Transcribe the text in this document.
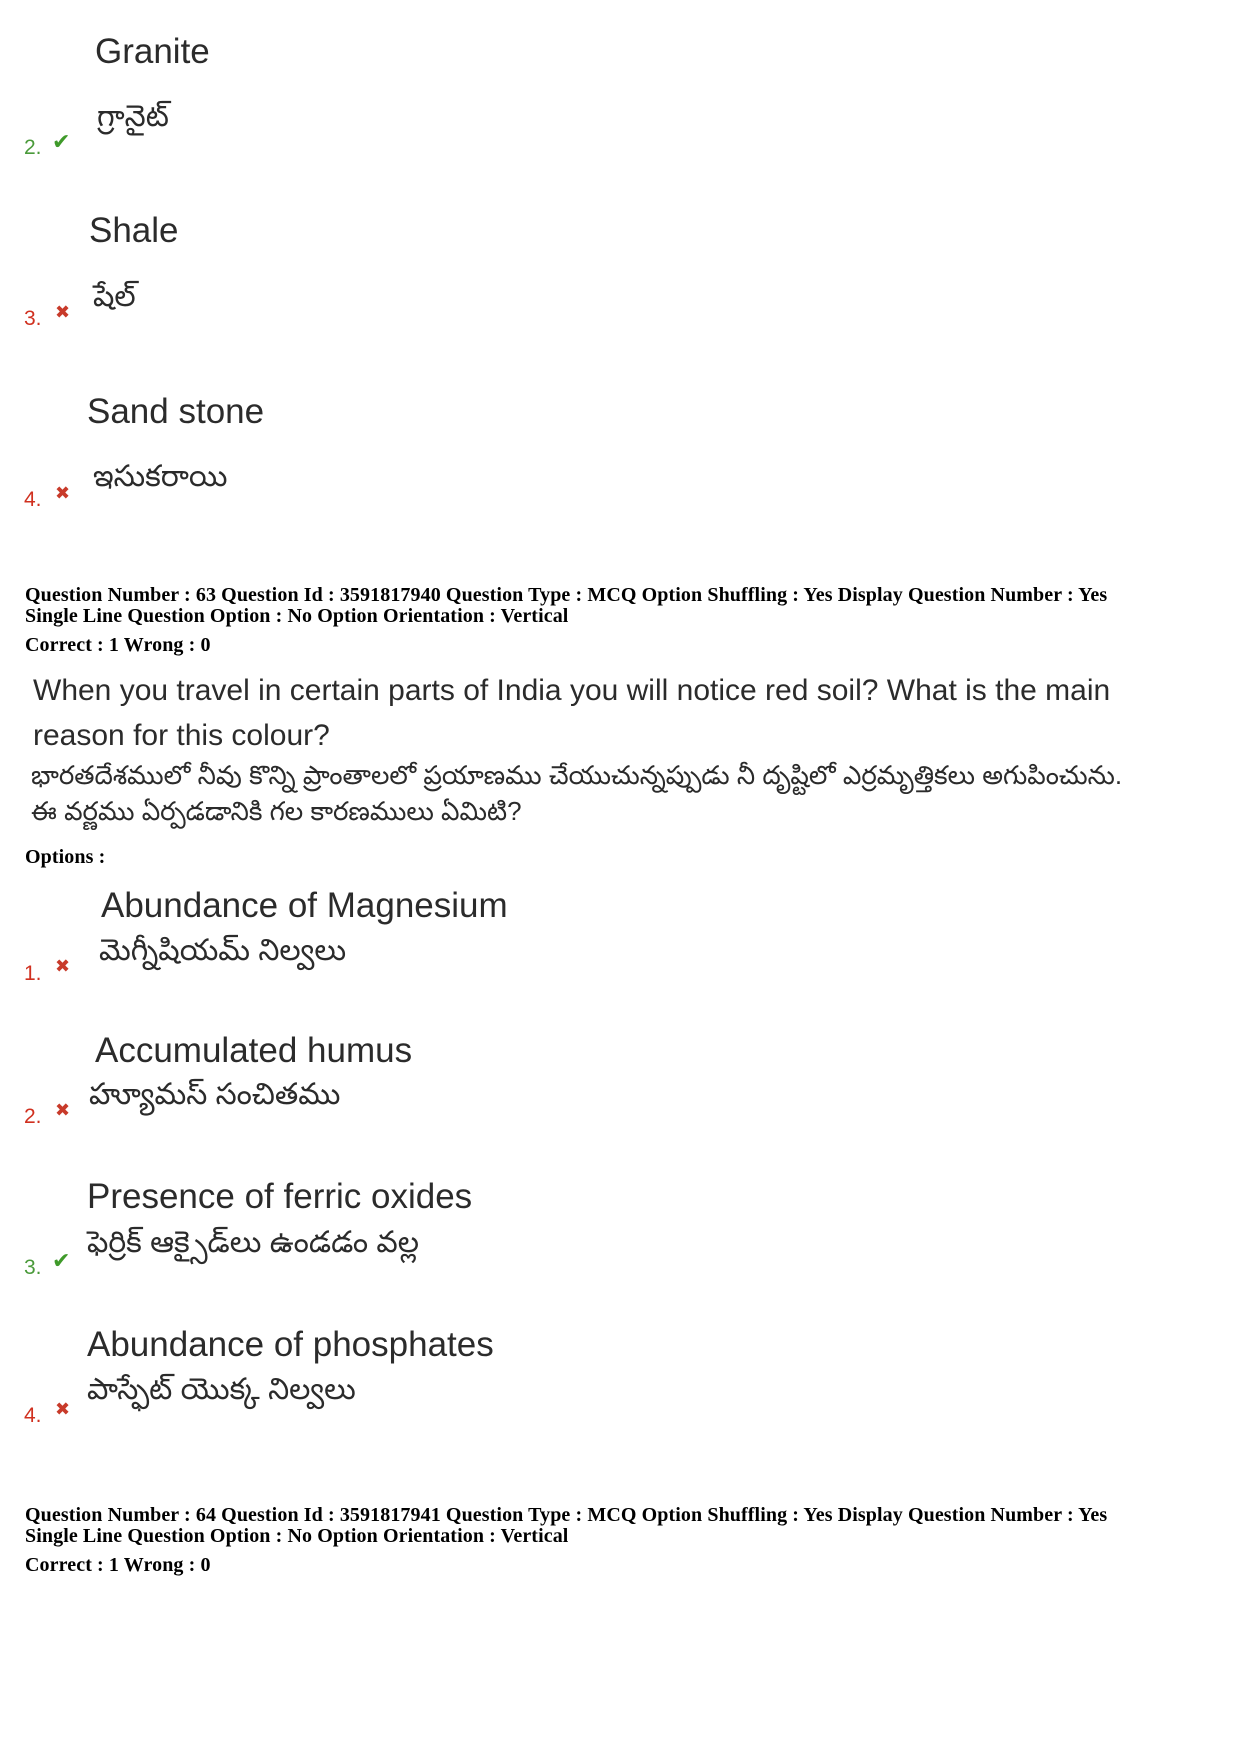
Granite
గ్రానైట్
2. ✔
Shale
షేల్
3. ✖
Sand stone
ఇసుకరాయి
4. ✖
Question Number : 63 Question Id : 3591817940 Question Type : MCQ Option Shuffling : Yes Display Question Number : Yes
Single Line Question Option : No Option Orientation : Vertical
Correct : 1 Wrong : 0
When you travel in certain parts of India you will notice red soil? What is the main
reason for this colour?
భారతదేశములో నీవు కొన్ని ప్రాంతాలలో ప్రయాణము చేయుచున్నప్పుడు నీ దృష్టిలో ఎర్రమృత్తికలు అగుపించును.
ఈ వర్ణము ఏర్పడడానికి గల కారణములు ఏమిటి?
Options :
Abundance of Magnesium
మెగ్నీషియమ్ నిల్వలు
1. ✖
Accumulated humus
హ్యూమస్ సంచితము
2. ✖
Presence of ferric oxides
ఫెర్రిక్ ఆక్సైడ్‌లు ఉండడం వల్ల
3. ✔
Abundance of phosphates
పాస్ఫేట్ యొక్క నిల్వలు
4. ✖
Question Number : 64 Question Id : 3591817941 Question Type : MCQ Option Shuffling : Yes Display Question Number : Yes
Single Line Question Option : No Option Orientation : Vertical
Correct : 1 Wrong : 0
